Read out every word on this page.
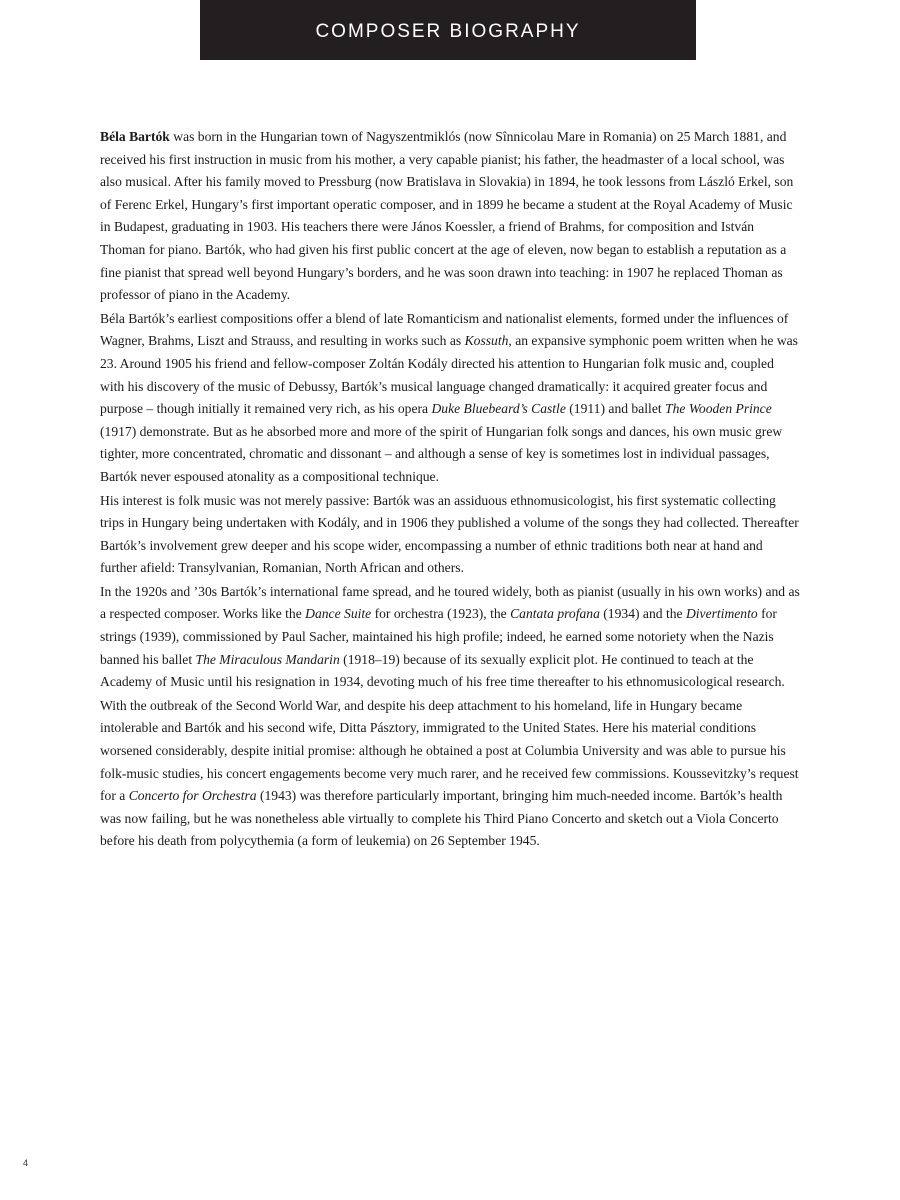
COMPOSER BIOGRAPHY

Béla Bartók was born in the Hungarian town of Nagyszentmiklós (now Sînnicolau Mare in Romania) on 25 March 1881, and received his first instruction in music from his mother, a very capable pianist; his father, the headmaster of a local school, was also musical. After his family moved to Pressburg (now Bratislava in Slovakia) in 1894, he took lessons from László Erkel, son of Ferenc Erkel, Hungary’s first important operatic composer, and in 1899 he became a student at the Royal Academy of Music in Budapest, graduating in 1903. His teachers there were János Koessler, a friend of Brahms, for composition and István Thoman for piano. Bartók, who had given his first public concert at the age of eleven, now began to establish a reputation as a fine pianist that spread well beyond Hungary’s borders, and he was soon drawn into teaching: in 1907 he replaced Thoman as professor of piano in the Academy.

Béla Bartók’s earliest compositions offer a blend of late Romanticism and nationalist elements, formed under the influences of Wagner, Brahms, Liszt and Strauss, and resulting in works such as Kossuth, an expansive symphonic poem written when he was 23. Around 1905 his friend and fellow-composer Zoltán Kodály directed his attention to Hungarian folk music and, coupled with his discovery of the music of Debussy, Bartók’s musical language changed dramatically: it acquired greater focus and purpose – though initially it remained very rich, as his opera Duke Bluebeard’s Castle (1911) and ballet The Wooden Prince (1917) demonstrate. But as he absorbed more and more of the spirit of Hungarian folk songs and dances, his own music grew tighter, more concentrated, chromatic and dissonant – and although a sense of key is sometimes lost in individual passages, Bartók never espoused atonality as a compositional technique.

His interest is folk music was not merely passive: Bartók was an assiduous ethnomusicologist, his first systematic collecting trips in Hungary being undertaken with Kodály, and in 1906 they published a volume of the songs they had collected. Thereafter Bartók’s involvement grew deeper and his scope wider, encompassing a number of ethnic traditions both near at hand and further afield: Transylvanian, Romanian, North African and others.

In the 1920s and ’30s Bartók’s international fame spread, and he toured widely, both as pianist (usually in his own works) and as a respected composer. Works like the Dance Suite for orchestra (1923), the Cantata profana (1934) and the Divertimento for strings (1939), commissioned by Paul Sacher, maintained his high profile; indeed, he earned some notoriety when the Nazis banned his ballet The Miraculous Mandarin (1918–19) because of its sexually explicit plot. He continued to teach at the Academy of Music until his resignation in 1934, devoting much of his free time thereafter to his ethnomusicological research.

With the outbreak of the Second World War, and despite his deep attachment to his homeland, life in Hungary became intolerable and Bartók and his second wife, Ditta Pásztory, immigrated to the United States. Here his material conditions worsened considerably, despite initial promise: although he obtained a post at Columbia University and was able to pursue his folk-music studies, his concert engagements become very much rarer, and he received few commissions. Koussevitzky’s request for a Concerto for Orchestra (1943) was therefore particularly important, bringing him much-needed income. Bartók’s health was now failing, but he was nonetheless able virtually to complete his Third Piano Concerto and sketch out a Viola Concerto before his death from polycythemia (a form of leukemia) on 26 September 1945.

4
